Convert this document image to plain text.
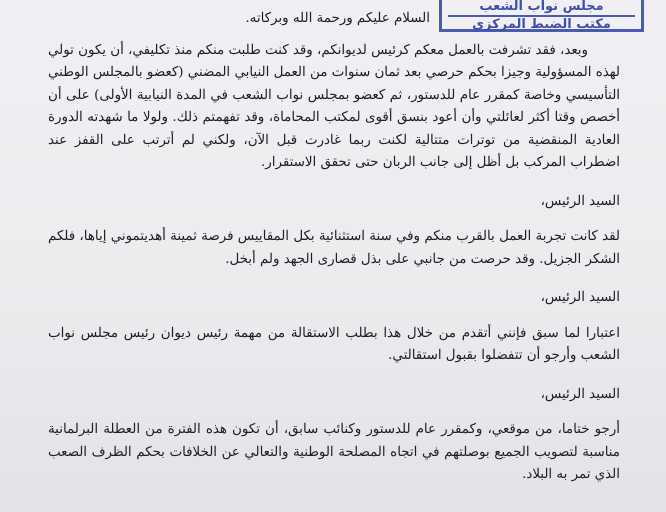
مجلس نواب الشعب
مكتب الضبط المركزي

السلام عليكم ورحمة الله وبركاته.

وبعد، فقد تشرفت بالعمل معكم كرئيس لديوانكم، وقد كنت طلبت منكم منذ تكليفي، أن يكون تولي لهذه المسؤولية وجيزا بحكم حرصي بعد ثمان سنوات من العمل النيابي المضني (كعضو بالمجلس الوطني التأسيسي وخاصة كمقرر عام للدستور، ثم كعضو بمجلس نواب الشعب في المدة النيابية الأولى) على أن أخصص وقتا أكثر لعائلتي وأن أعود بنسق أقوى لمكتب المحاماة، وقد تفهمتم ذلك. ولولا ما شهدته الدورة العادية المنقضية من توترات متتالية لكنت ربما غادرت قبل الآن، ولكني لم أترتب على القفز عند اضطراب المركب بل أظل إلى جانب الربان حتى تحقق الاستقرار.

السيد الرئيس،

لقد كانت تجربة العمل بالقرب منكم وفي سنة استثنائية بكل المقاييس فرصة ثمينة أهديتموني إياها، فلكم الشكر الجزيل. وقد حرصت من جانبي على بذل قصارى الجهد ولم أبخل.

السيد الرئيس،

اعتبارا لما سبق فإنني أتقدم من خلال هذا بطلب الاستقالة من مهمة رئيس ديوان رئيس مجلس نواب الشعب وأرجو أن تتفضلوا بقبول استقالتي.

السيد الرئيس،

أرجو ختاما، من موقعي، وكمقرر عام للدستور وكنائب سابق، أن تكون هذه الفترة من العطلة البرلمانية مناسبة لتصويب الجميع بوصلتهم في اتجاه المصلحة الوطنية والتعالي عن الخلافات بحكم الظرف الصعب الذي تمر به البلاد.
